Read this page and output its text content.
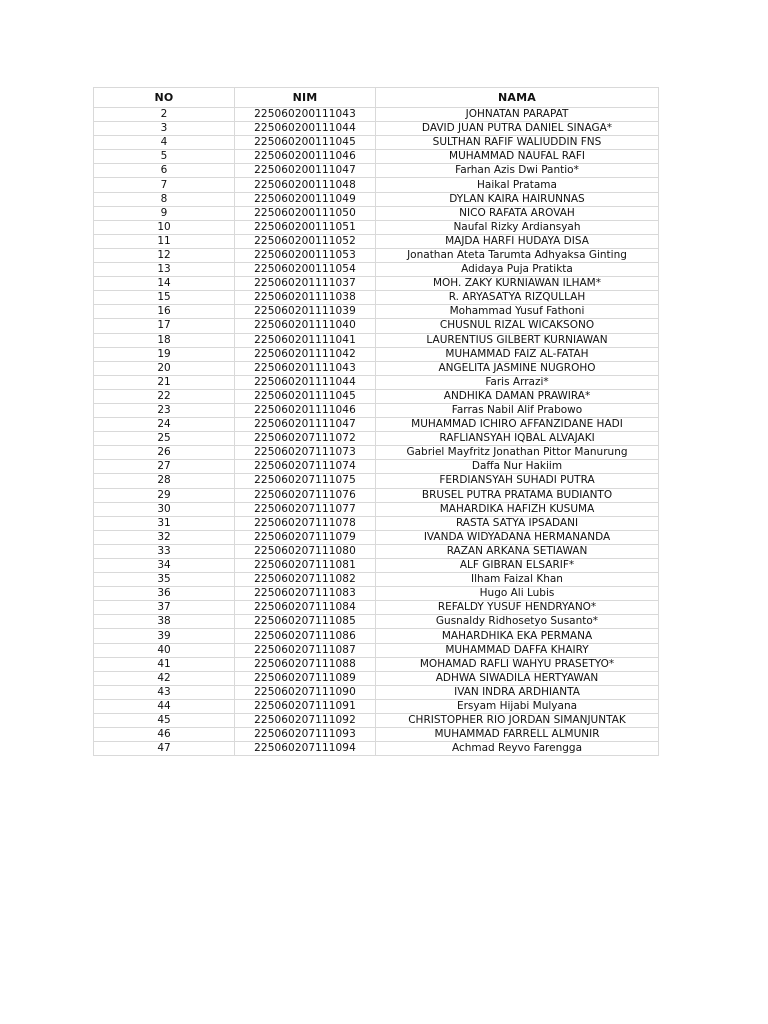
NO	NIM	NAMA
2	225060200111043	JOHNATAN PARAPAT
3	225060200111044	DAVID JUAN PUTRA DANIEL SINAGA*
4	225060200111045	SULTHAN RAFIF WALIUDDIN FNS
5	225060200111046	MUHAMMAD NAUFAL RAFI
6	225060200111047	Farhan Azis Dwi Pantio*
7	225060200111048	Haikal Pratama
8	225060200111049	DYLAN KAIRA HAIRUNNAS
9	225060200111050	NICO RAFATA AROVAH
10	225060200111051	Naufal Rizky Ardiansyah
11	225060200111052	MAJDA HARFI HUDAYA DISA
12	225060200111053	Jonathan Ateta Tarumta Adhyaksa Ginting
13	225060200111054	Adidaya Puja Pratikta
14	225060201111037	MOH. ZAKY KURNIAWAN ILHAM*
15	225060201111038	R. ARYASATYA RIZQULLAH
16	225060201111039	Mohammad Yusuf Fathoni
17	225060201111040	CHUSNUL RIZAL WICAKSONO
18	225060201111041	LAURENTIUS GILBERT KURNIAWAN
19	225060201111042	MUHAMMAD FAIZ AL-FATAH
20	225060201111043	ANGELITA JASMINE NUGROHO
21	225060201111044	Faris Arrazi*
22	225060201111045	ANDHIKA DAMAN PRAWIRA*
23	225060201111046	Farras Nabil Alif Prabowo
24	225060201111047	MUHAMMAD ICHIRO AFFANZIDANE HADI
25	225060207111072	RAFLIANSYAH IQBAL ALVAJAKI
26	225060207111073	Gabriel Mayfritz Jonathan Pittor Manurung
27	225060207111074	Daffa Nur Hakiim
28	225060207111075	FERDIANSYAH SUHADI PUTRA
29	225060207111076	BRUSEL PUTRA PRATAMA BUDIANTO
30	225060207111077	MAHARDIKA HAFIZH KUSUMA
31	225060207111078	RASTA SATYA IPSADANI
32	225060207111079	IVANDA WIDYADANA HERMANANDA
33	225060207111080	RAZAN ARKANA SETIAWAN
34	225060207111081	ALF GIBRAN ELSARIF*
35	225060207111082	Ilham Faizal Khan
36	225060207111083	Hugo Ali Lubis
37	225060207111084	REFALDY YUSUF HENDRYANO*
38	225060207111085	Gusnaldy Ridhosetyo Susanto*
39	225060207111086	MAHARDHIKA EKA PERMANA
40	225060207111087	MUHAMMAD DAFFA KHAIRY
41	225060207111088	MOHAMAD RAFLI WAHYU PRASETYO*
42	225060207111089	ADHWA SIWADILA HERTYAWAN
43	225060207111090	IVAN INDRA ARDHIANTA
44	225060207111091	Ersyam Hijabi Mulyana
45	225060207111092	CHRISTOPHER RIO JORDAN SIMANJUNTAK
46	225060207111093	MUHAMMAD FARRELL ALMUNIR
47	225060207111094	Achmad Reyvo Farengga
